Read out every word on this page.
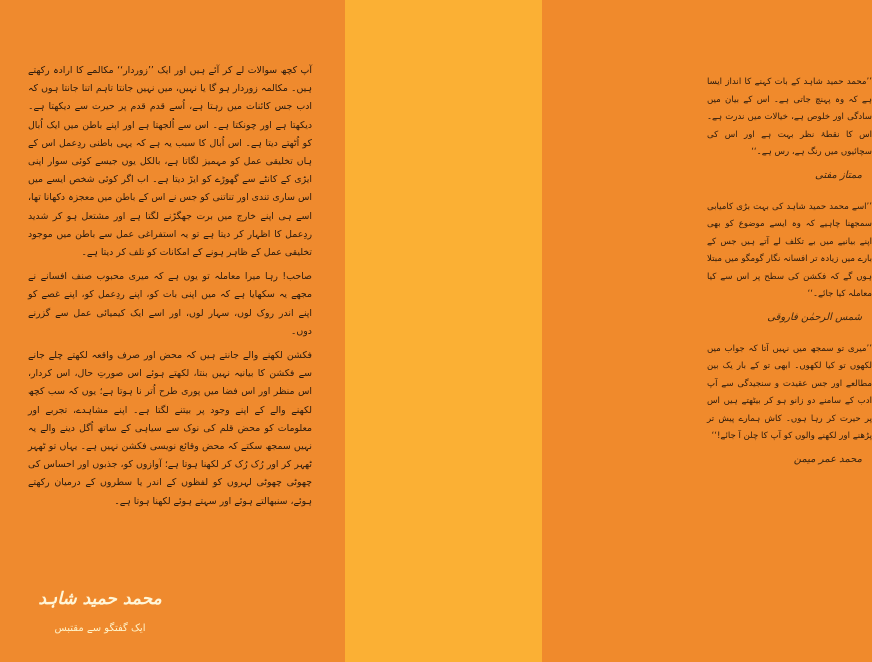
آپ کچھ سوالات لے کر آئے ہیں اور ایک ’’زوردار‘‘ مکالمے کا ارادہ رکھتے ہیں۔ مکالمہ زوردار ہو گا یا نہیں، میں نہیں جانتا تاہم اتنا جانتا ہوں کہ ادب جس کائنات میں رہتا ہے، اُسے قدم قدم پر حیرت سے دیکھتا ہے۔ دیکھتا ہے اور چونکتا ہے۔ اس سے اُلجھتا ہے اور اپنے باطن میں ایک اُبال کو اُٹھتے دیتا ہے۔ اس اُبال کا سبب یہ ہے کہ یہی باطنی ردِعمل اس کے ہاں تخلیقی عمل کو مہمیز لگاتا ہے، بالکل یوں جیسے کوئی سوار اپنی ایڑی کے کانٹے سے گھوڑے کو ایڑ دیتا ہے۔ اب اگر کوئی شخص ایسے میں اس ساری تندی اور تناتنی کو جس نے اس کے باطن میں معجزہ دکھانا تھا، اسے ہی اپنے خارج میں برت جھگڑنے لگتا ہے اور مشتعل ہو کر شدید ردِعمل کا اظہار کر دیتا ہے تو یہ استفراغی عمل سے باطن میں موجود تخلیقی عمل کے ظاہر ہونے کے امکانات کو تلف کر دیتا ہے۔

صاحب! رہا میرا معاملہ تو یوں ہے کہ میری محبوب صنف افسانے نے مجھے یہ سکھایا ہے کہ میں اپنی بات کو، اپنے ردِعمل کو، اپنے غصے کو اپنے اندر روک لوں، سہار لوں، اور اسے ایک کیمیائی عمل سے گزرنے دوں۔

فکشن لکھنے والے جانتے ہیں کہ محض اور صرف واقعہ لکھتے چلے جانے سے فکشن کا بیانیہ نہیں بنتا، لکھتے ہوئے اس صورتِ حال، اس کردار، اس منظر اور اس فضا میں پوری طرح اُتر نا ہوتا ہے؛ یوں کہ سب کچھ لکھنے والے کے اپنے وجود پر بیتنے لگتا ہے۔ اپنے مشاہدے، تجربے اور معلومات کو محض قلم کی نوک سے سیاہی کے ساتھ اُگل دینے والے یہ نہیں سمجھ سکتے کہ محض وقائع نویسی فکشن نہیں ہے۔ یہاں تو ٹھہر ٹھہر کر اور رُک رُک کر لکھنا ہوتا ہے؛ آوازوں کو، جذبوں اور احساس کی چھوٹی چھوٹی لہروں کو لفظوں کے اندر یا سطروں کے درمیان رکھتے ہوئے، سنبھالتے ہوئے اور سہتے ہوئے لکھنا ہوتا ہے۔

محمد حمید شاہد
ایک گفتگو سے مقتبس

’’محمد حمید شاہد کے بات کہنے کا انداز ایسا ہے کہ وہ پہنچ جاتی ہے۔ اس کے بیان میں سادگی اور خلوص ہے، خیالات میں ندرت ہے۔ اس کا نقطۂ نظر بہت ہے اور اس کی سچائیوں میں رنگ ہے، رس ہے۔‘‘

ممتاز مفتی

’’اسے محمد حمید شاہد کی بہت بڑی کامیابی سمجھنا چاہیے کہ وہ ایسے موضوع کو بھی اپنے بیانیے میں بے تکلف لے آتے ہیں جس کے بارے میں زیادہ تر افسانہ نگار گومگو میں مبتلا ہوں گے کہ فکشن کی سطح پر اس سے کیا معاملہ کیا جائے۔‘‘

شمس الرحمٰن فاروقی

’’میری تو سمجھ میں نہیں آتا کہ جواب میں لکھوں تو کیا لکھوں۔ ابھی تو کے بار یک بین مطالعے اور جس عقیدت و سنجیدگی سے آپ ادب کے سامنے دو زانو ہو کر بیٹھتے ہیں اس پر حیرت کر رہا ہوں۔ کاش ہمارے پیش تر پڑھنے اور لکھنے والوں کو آپ کا چلن آ جائے!‘‘

محمد عمر میمن
